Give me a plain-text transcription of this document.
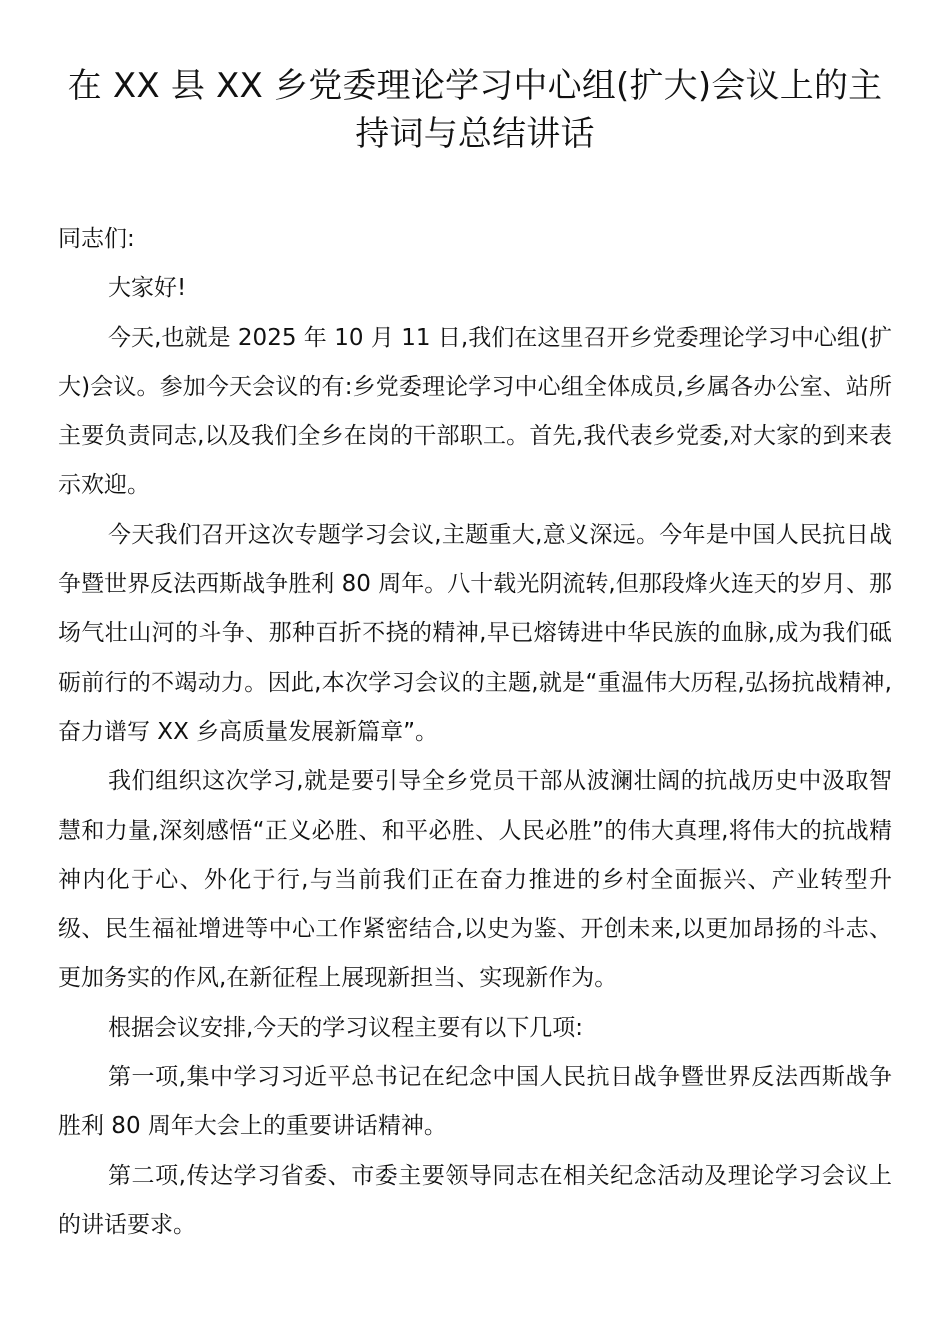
在 XX 县 XX 乡党委理论学习中心组(扩大)会议上的主持词与总结讲话

同志们:

大家好!

今天,也就是 2025 年 10 月 11 日,我们在这里召开乡党委理论学习中心组(扩大)会议。参加今天会议的有:乡党委理论学习中心组全体成员,乡属各办公室、站所主要负责同志,以及我们全乡在岗的干部职工。首先,我代表乡党委,对大家的到来表示欢迎。

今天我们召开这次专题学习会议,主题重大,意义深远。今年是中国人民抗日战争暨世界反法西斯战争胜利 80 周年。八十载光阴流转,但那段烽火连天的岁月、那场气壮山河的斗争、那种百折不挠的精神,早已熔铸进中华民族的血脉,成为我们砥砺前行的不竭动力。因此,本次学习会议的主题,就是“重温伟大历程,弘扬抗战精神,奋力谱写 XX 乡高质量发展新篇章”。

我们组织这次学习,就是要引导全乡党员干部从波澜壮阔的抗战历史中汲取智慧和力量,深刻感悟“正义必胜、和平必胜、人民必胜”的伟大真理,将伟大的抗战精神内化于心、外化于行,与当前我们正在奋力推进的乡村全面振兴、产业转型升级、民生福祉增进等中心工作紧密结合,以史为鉴、开创未来,以更加昂扬的斗志、更加务实的作风,在新征程上展现新担当、实现新作为。

根据会议安排,今天的学习议程主要有以下几项:

第一项,集中学习习近平总书记在纪念中国人民抗日战争暨世界反法西斯战争胜利 80 周年大会上的重要讲话精神。

第二项,传达学习省委、市委主要领导同志在相关纪念活动及理论学习会议上的讲话要求。
